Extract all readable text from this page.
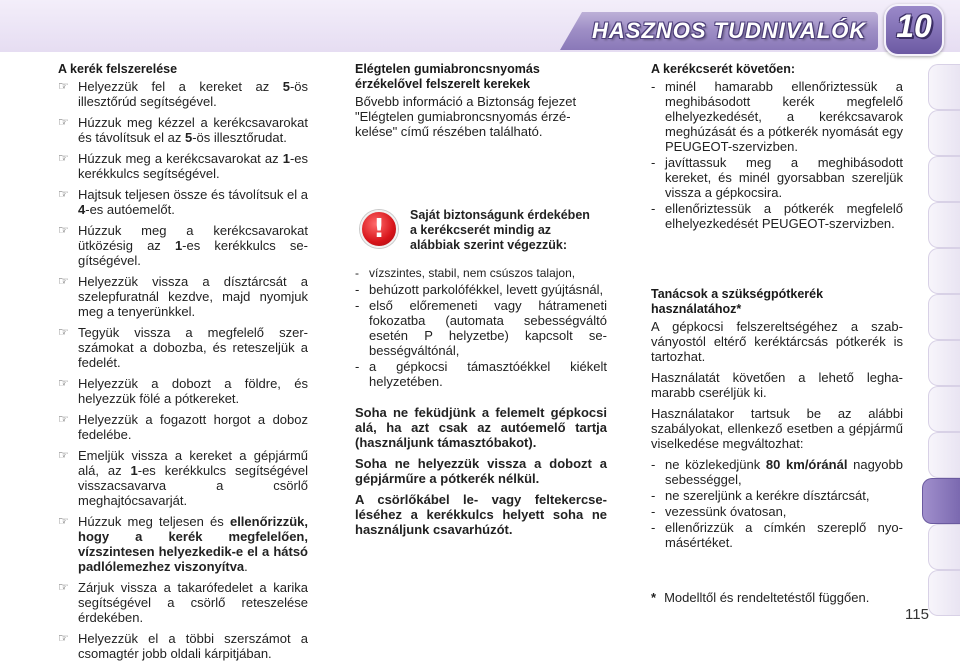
HASZNOS TUDNIVALÓK 10
A kerék felszerelése
☞ Helyezzük fel a kereket az 5-ös illesztőrúd segítségével.
☞ Húzzuk meg kézzel a kerékcsavarokat és távolítsuk el az 5-ös illesztőrudat.
☞ Húzzuk meg a kerékcsavarokat az 1-es kerékkulcs segítségével.
☞ Hajtsuk teljesen össze és távolítsuk el a 4-es autóemelőt.
☞ Húzzuk meg a kerékcsavarokat ütközésig az 1-es kerékkulcs segítségével.
☞ Helyezzük vissza a dísztárcsát a szelepfuratnál kezdve, majd nyomjuk meg a tenyerünkkel.
☞ Tegyük vissza a megfelelő szerszámokat a dobozba, és reteszeljük a fedelét.
☞ Helyezzük a dobozt a földre, és helyezzük fölé a pótkereket.
☞ Helyezzük a fogazott horgot a doboz fedelébe.
☞ Emeljük vissza a kereket a gépjármű alá, az 1-es kerékkulcs segítségével visszacsavarva a csörlő meghajtócsavarját.
☞ Húzzuk meg teljesen és ellenőrizzük, hogy a kerék megfelelően, vízszintesen helyezkedik-e el a hátsó padlólemezhez viszonyítva.
☞ Zárjuk vissza a takarófedelet a karika segítségével a csörlő reteszelése érdekében.
☞ Helyezzük el a többi szerszámot a csomagtér jobb oldali kárpitjában.
Elégtelen gumiabroncsnyomás érzékelővel felszerelt kerekek

Bővebb információ a Biztonság fejezet "Elégtelen gumiabroncsnyomás érzékelése" című részében található.

!	Saját biztonságunk érdekében a kerékcserét mindig az alábbiak szerint végezzük:
- vízszintes, stabil, nem csúszos talajon,
- behúzott parkolófékkel, levett gyújtásnál,
- első előremeneti vagy hátrameneti fokozatba (automata sebességváltó esetén P helyzetbe) kapcsolt sebességváltónál,
- a gépkocsi támasztóékkel kiékelt helyzetében.
Soha ne feküdjünk a felemelt gépkocsi alá, ha azt csak az autóemelő tartja (használjunk támasztóbakot).
Soha ne helyezzük vissza a dobozt a gépjárműre a pótkerék nélkül.
A csörlőkábel le- vagy feltekercseléséhez a kerékkulcs helyett soha ne használjunk csavarhúzót.
A kerékcserét követően:
- minél hamarabb ellenőriztessük a meghibásodott kerék megfelelő elhelyezkedését, a kerékcsavarok meghúzását és a pótkerék nyomását egy PEUGEOT-szervizben.
- javíttassuk meg a meghibásodott kereket, és minél gyorsabban szereljük vissza a gépkocsira.
- ellenőriztessük a pótkerék megfelelő elhelyezkedését PEUGEOT-szervizben.
Tanácsok a szükségpótkerék használatához*

A gépkocsi felszereltségéhez a szabványostól eltérő keréktárcsás pótkerék is tartozhat.

Használatát követően a lehető leghamarabb cseréljük ki.

Használatakor tartsuk be az alábbi szabályokat, ellenkező esetben a gépjármű viselkedése megváltozhat:

- ne közlekedjünk 80 km/óránál nagyobb sebességgel,
- ne szereljünk a kerékre dísztárcsát,
- vezessünk óvatosan,
- ellenőrizzük a címkén szereplő nyomásértéket.
* Modelltől és rendeltetéstől függően.
115
